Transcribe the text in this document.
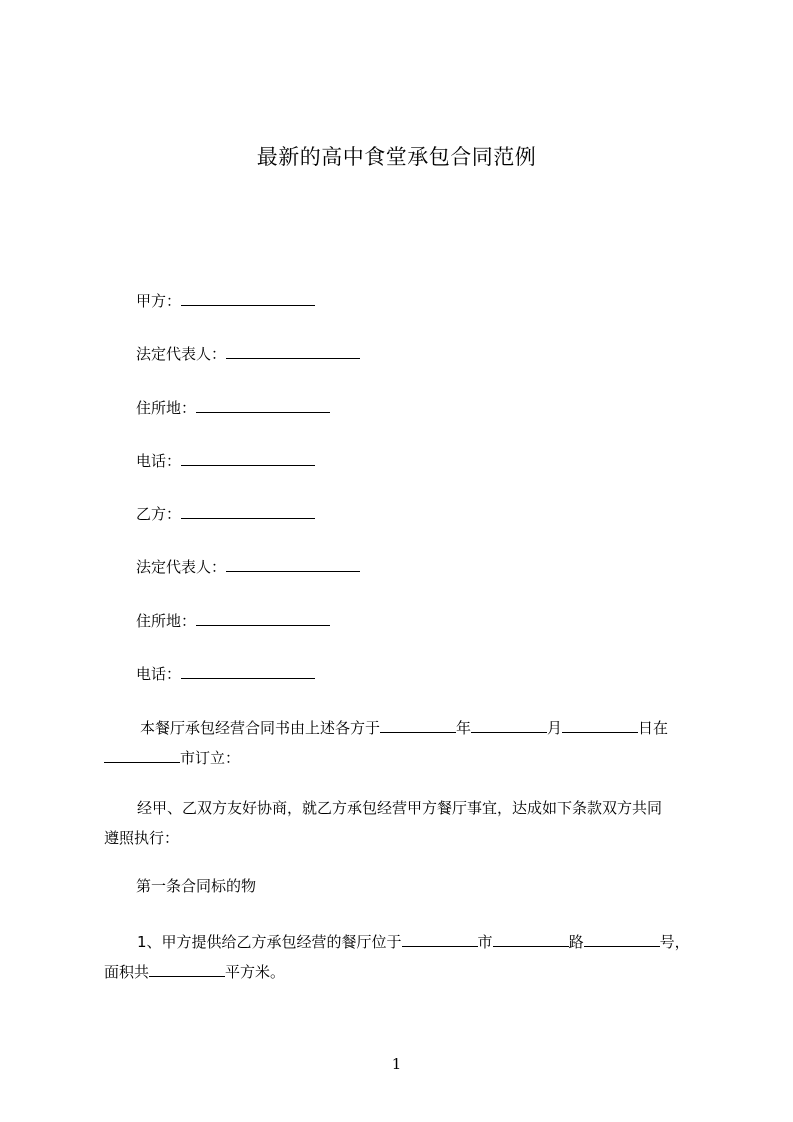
最新的高中食堂承包合同范例
甲方：
法定代表人：
住所地：
电话：
乙方：
法定代表人：
住所地：
电话：
本餐厅承包经营合同书由上述各方于	年	月	日在
市订立：
经甲、乙双方友好协商，就乙方承包经营甲方餐厅事宜，达成如下条款双方共同
遵照执行：
第一条合同标的物
1、甲方提供给乙方承包经营的餐厅位于	市	路	号，
面积共	平方米。
1
